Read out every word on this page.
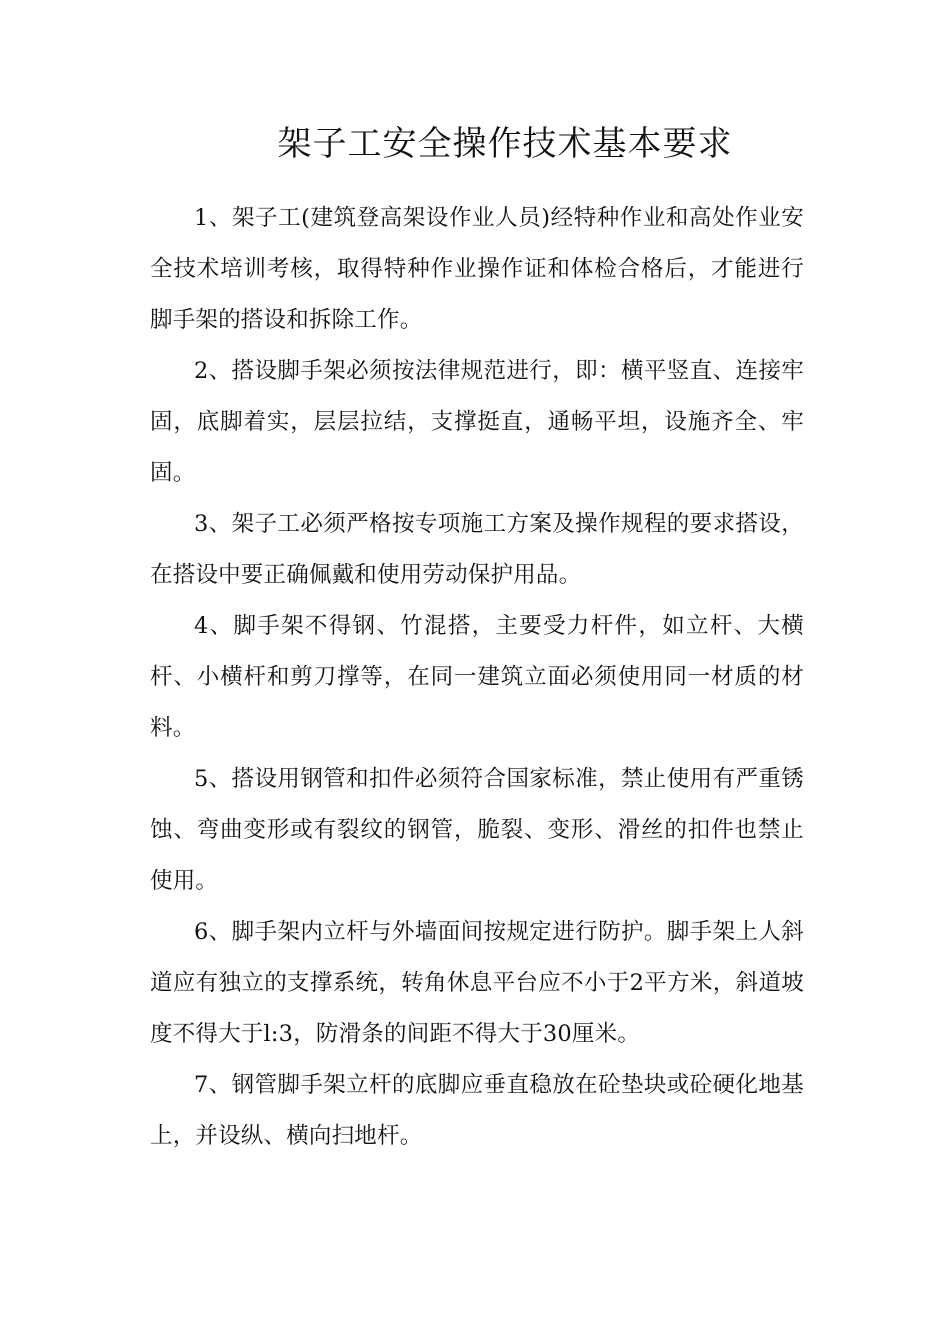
架子工安全操作技术基本要求

1、架子工(建筑登高架设作业人员)经特种作业和高处作业安全技术培训考核，取得特种作业操作证和体检合格后，才能进行脚手架的搭设和拆除工作。

2、搭设脚手架必须按法律规范进行，即：横平竖直、连接牢固，底脚着实，层层拉结，支撑挺直，通畅平坦，设施齐全、牢固。

3、架子工必须严格按专项施工方案及操作规程的要求搭设，在搭设中要正确佩戴和使用劳动保护用品。

4、脚手架不得钢、竹混搭，主要受力杆件，如立杆、大横杆、小横杆和剪刀撑等，在同一建筑立面必须使用同一材质的材料。

5、搭设用钢管和扣件必须符合国家标准，禁止使用有严重锈蚀、弯曲变形或有裂纹的钢管，脆裂、变形、滑丝的扣件也禁止使用。

6、脚手架内立杆与外墙面间按规定进行防护。脚手架上人斜道应有独立的支撑系统，转角休息平台应不小于2平方米，斜道坡度不得大于l:3，防滑条的间距不得大于30厘米。

7、钢管脚手架立杆的底脚应垂直稳放在砼垫块或砼硬化地基上，并设纵、横向扫地杆。
